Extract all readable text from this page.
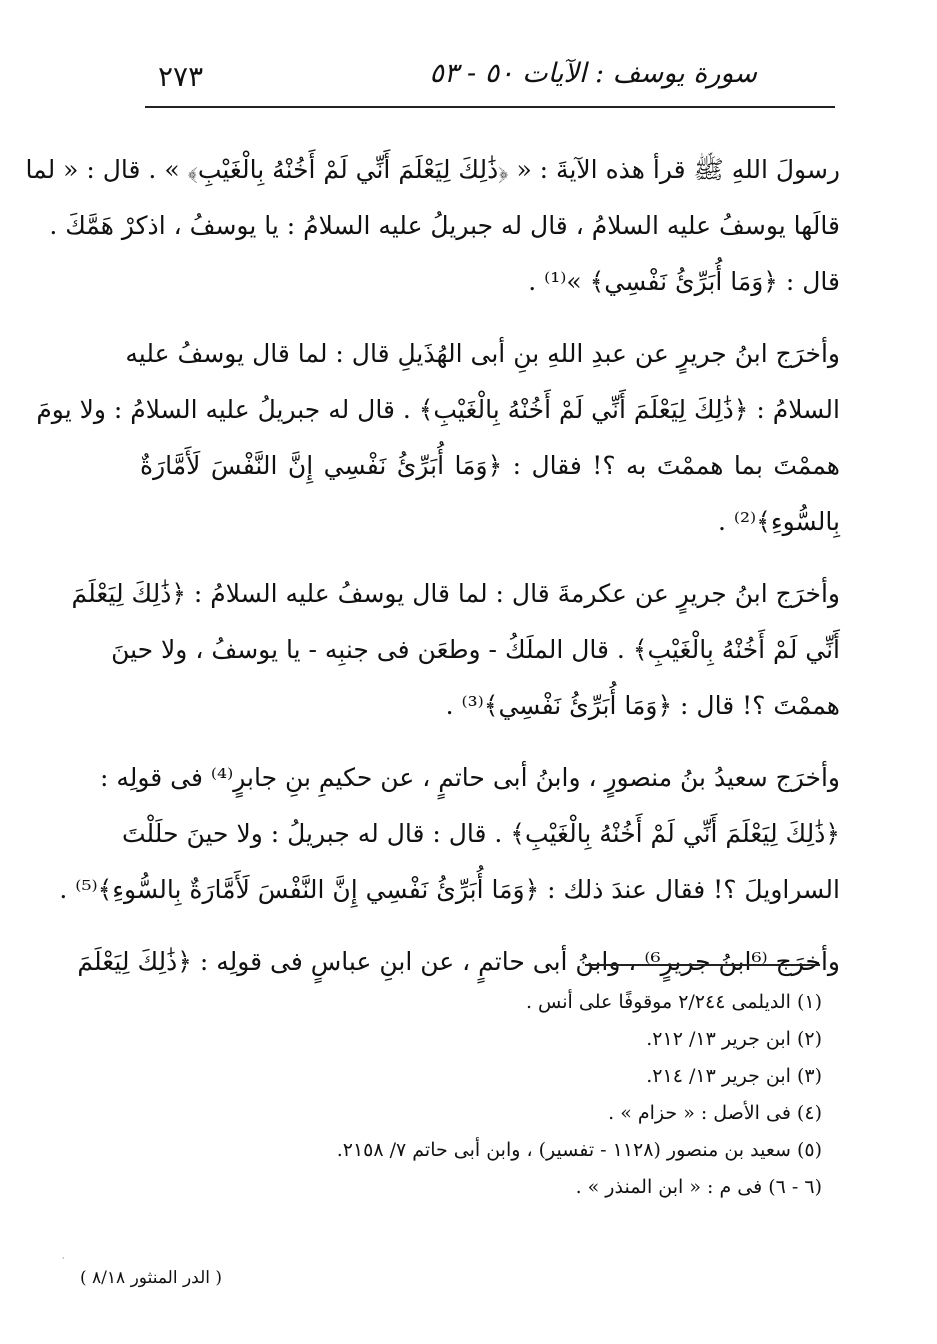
٢٧٣	سورة يوسف : الآيات ٥٠ - ٥٣
رسولَ اللهِ ﷺ قرأ هذه الآيةَ : « ﴿ذَٰلِكَ لِيَعْلَمَ أَنِّي لَمْ أَخُنْهُ بِالْغَيْبِ﴾ » . قال : « لما
قالَها يوسفُ عليه السلامُ ، قال له جبريلُ عليه السلامُ : يا يوسفُ ، اذكرْ هَمَّكَ .
قال : ﴿وَمَا أُبَرِّئُ نَفْسِي﴾ »⁽¹⁾ .
وأخرَج ابنُ جريرٍ عن عبدِ اللهِ بنِ أبى الهُذَيلِ قال : لما قال يوسفُ عليه
السلامُ : ﴿ذَٰلِكَ لِيَعْلَمَ أَنِّي لَمْ أَخُنْهُ بِالْغَيْبِ﴾ . قال له جبريلُ عليه السلامُ : ولا يومَ
هممْتَ بما هممْتَ به ؟! فقال : ﴿وَمَا أُبَرِّئُ نَفْسِي إِنَّ النَّفْسَ لَأَمَّارَةٌ
بِالسُّوءِ﴾⁽²⁾ .
وأخرَج ابنُ جريرٍ عن عكرمةَ قال : لما قال يوسفُ عليه السلامُ : ﴿ذَٰلِكَ لِيَعْلَمَ
أَنِّي لَمْ أَخُنْهُ بِالْغَيْبِ﴾ . قال الملَكُ - وطعَن فى جنبِه - يا يوسفُ ، ولا حينَ
هممْتَ ؟! قال : ﴿وَمَا أُبَرِّئُ نَفْسِي﴾⁽³⁾ .
وأخرَج سعيدُ بنُ منصورٍ ، وابنُ أبى حاتمٍ ، عن حكيمِ بنِ جابرٍ⁽⁴⁾ فى قولِه :
﴿ذَٰلِكَ لِيَعْلَمَ أَنِّي لَمْ أَخُنْهُ بِالْغَيْبِ﴾ . قال : قال له جبريلُ : ولا حينَ حلَلْتَ
السراويلَ ؟! فقال عندَ ذلك : ﴿وَمَا أُبَرِّئُ نَفْسِي إِنَّ النَّفْسَ لَأَمَّارَةٌ بِالسُّوءِ﴾⁽⁵⁾ .
وأخرَج ⁽⁶ابنُ جريرٍ⁶⁾ ، وابنُ أبى حاتمٍ ، عن ابنِ عباسٍ فى قولِه : ﴿ذَٰلِكَ لِيَعْلَمَ
(١) الديلمى ٢/٢٤٤ موقوفًا على أنس .
(٢) ابن جرير ١٣/ ٢١٢.
(٣) ابن جرير ١٣/ ٢١٤.
(٤) فى الأصل : « حزام » .
(٥) سعيد بن منصور (١١٢٨ - تفسير) ، وابن أبى حاتم ٧/ ٢١٥٨.
(٦ - ٦) فى م : « ابن المنذر » .
·
( الدر المنثور ٨/١٨ )
